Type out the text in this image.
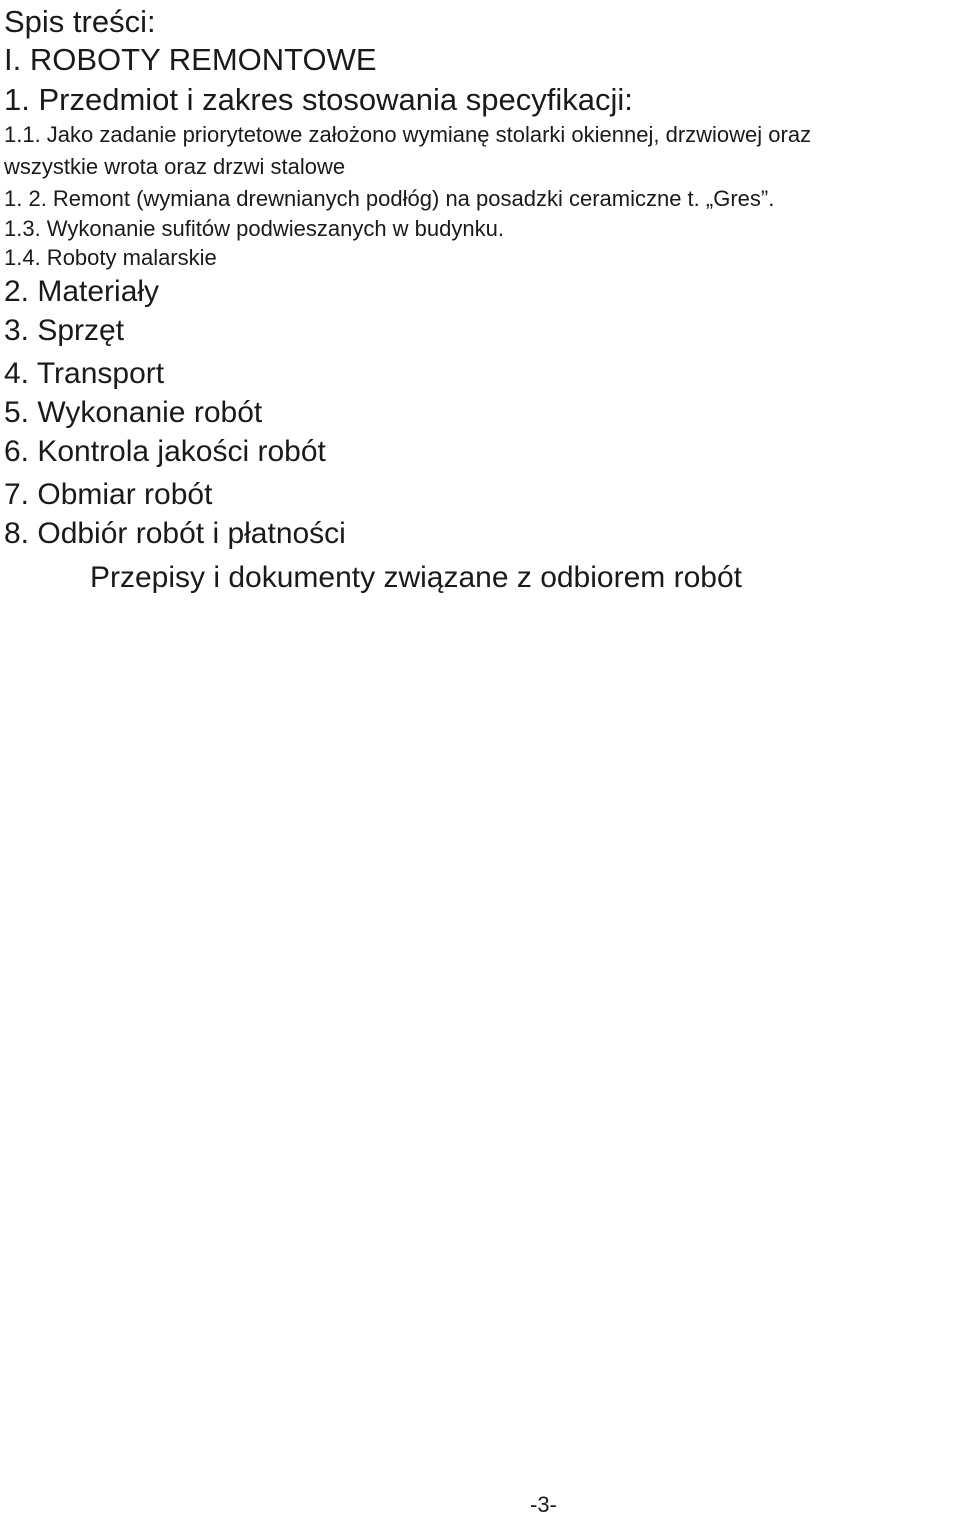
Spis treści:
I. ROBOTY REMONTOWE
1. Przedmiot i zakres stosowania specyfikacji:
1.1. Jako zadanie priorytetowe założono wymianę stolarki okiennej, drzwiowej oraz
wszystkie wrota oraz drzwi stalowe
1. 2. Remont (wymiana drewnianych podłóg) na posadzki ceramiczne t. „Gres”.
1.3. Wykonanie sufitów podwieszanych w budynku.
1.4. Roboty malarskie
2. Materiały
3. Sprzęt
4. Transport
5. Wykonanie robót
6. Kontrola jakości robót
7. Obmiar robót
8. Odbiór robót i płatności
Przepisy i dokumenty związane z odbiorem robót
-3-
